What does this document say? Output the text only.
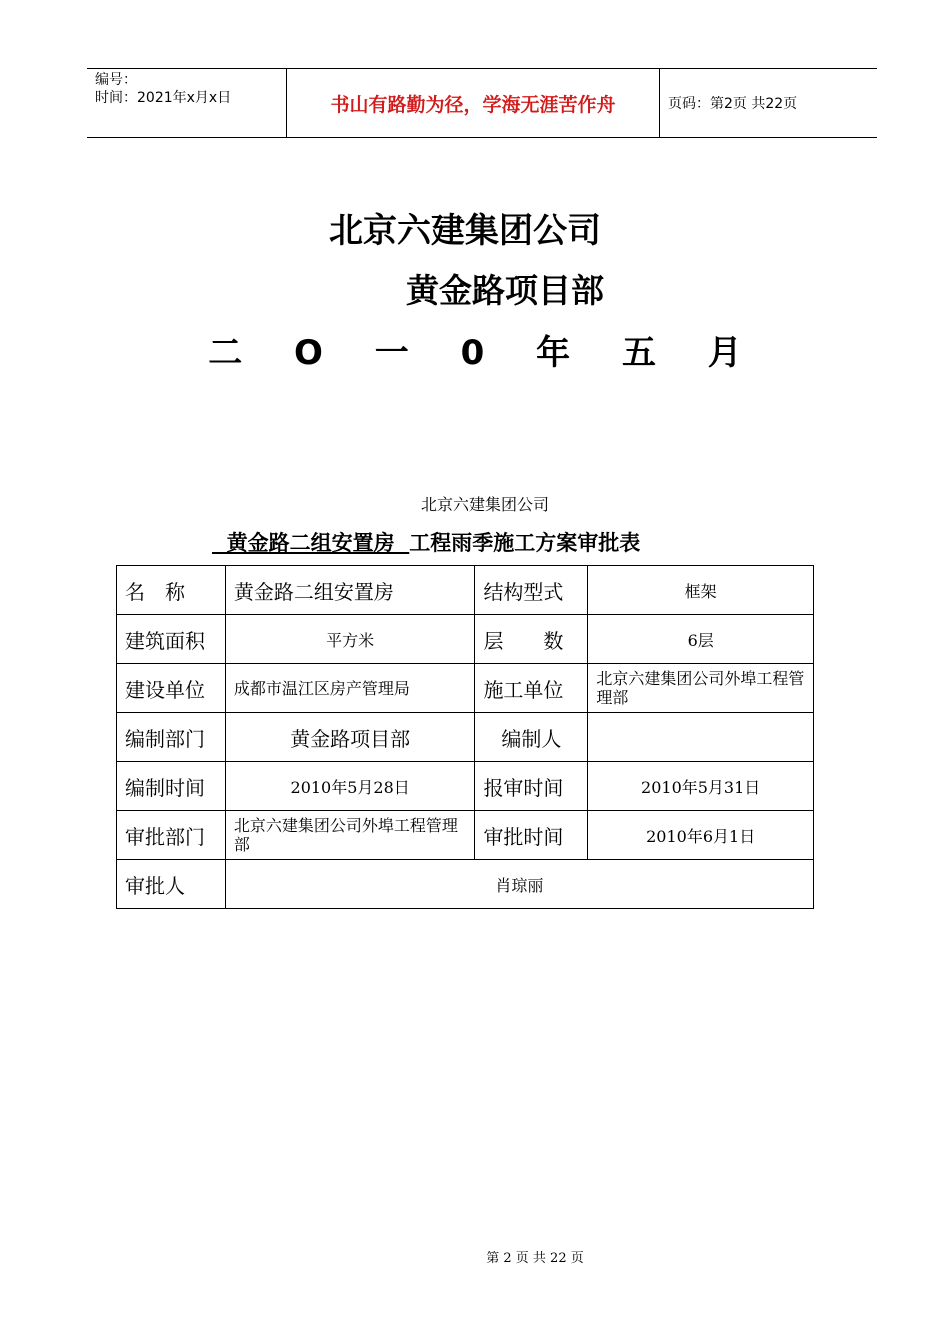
编号：
时间：2021年x月x日	书山有路勤为径，学海无涯苦作舟	页码：第2页 共22页
北京六建集团公司
黄金路项目部
二 O 一 0 年 五 月
北京六建集团公司
黄金路二组安置房  工程雨季施工方案审批表
名　称	黄金路二组安置房	结构型式	框架
建筑面积	平方米	层　　数	6层
建设单位	成都市温江区房产管理局	施工单位	北京六建集团公司外埠工程管理部
编制部门	黄金路项目部	编制人	
编制时间	2010年5月28日	报审时间	2010年5月31日
审批部门	北京六建集团公司外埠工程管理部	审批时间	2010年6月1日
审批人	肖琼丽		
第 2 页 共 22 页
